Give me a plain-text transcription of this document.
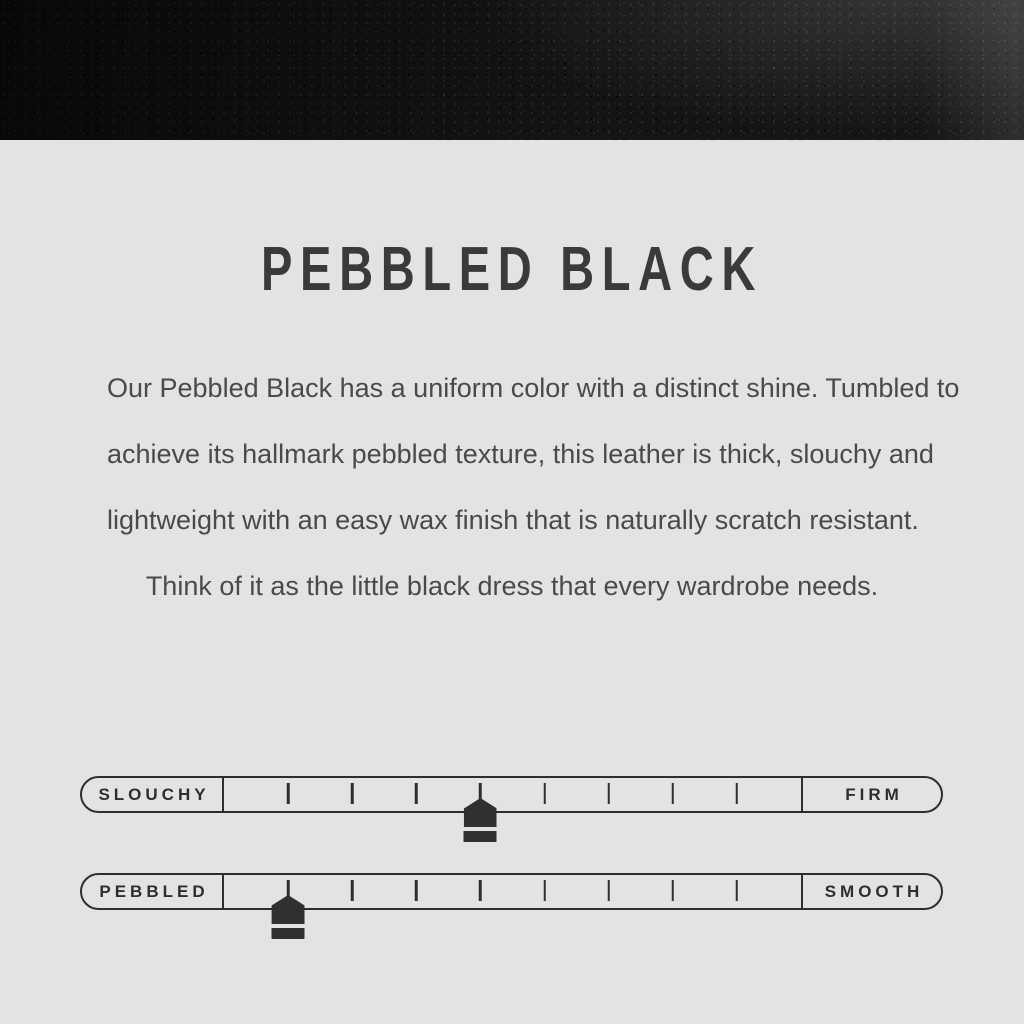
PEBBLED BLACK
Our Pebbled Black has a uniform color with a distinct shine. Tumbled to
achieve its hallmark pebbled texture, this leather is thick, slouchy and
lightweight with an easy wax finish that is naturally scratch resistant.
Think of it as the little black dress that every wardrobe needs.
SLOUCHY	FIRM
PEBBLED	SMOOTH
